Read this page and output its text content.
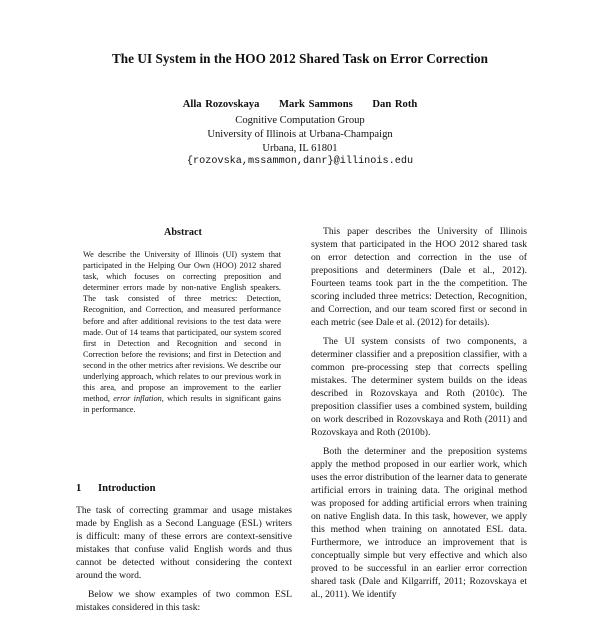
The UI System in the HOO 2012 Shared Task on Error Correction
Alla Rozovskaya Mark Sammons Dan Roth
Cognitive Computation Group
University of Illinois at Urbana-Champaign
Urbana, IL 61801
{rozovska,mssammon,danr}@illinois.edu
Abstract

We describe the University of Illinois (UI) system that participated in the Helping Our Own (HOO) 2012 shared task, which focuses on correcting preposition and determiner errors made by non-native English speakers. The task consisted of three metrics: Detection, Recognition, and Correction, and measured performance before and after additional revisions to the test data were made. Out of 14 teams that participated, our system scored first in Detection and Recognition and second in Correction before the revisions; and first in Detection and second in the other metrics after revisions. We describe our underlying approach, which relates to our previous work in this area, and propose an improvement to the earlier method, error inflation, which results in significant gains in performance.

1 Introduction

The task of correcting grammar and usage mistakes made by English as a Second Language (ESL) writers is difficult: many of these errors are context-sensitive mistakes that confuse valid English words and thus cannot be detected without considering the context around the word.

Below we show examples of two common ESL mistakes considered in this task:

This paper describes the University of Illinois system that participated in the HOO 2012 shared task on error detection and correction in the use of prepositions and determiners (Dale et al., 2012). Fourteen teams took part in the the competition. The scoring included three metrics: Detection, Recognition, and Correction, and our team scored first or second in each metric (see Dale et al. (2012) for details).

The UI system consists of two components, a determiner classifier and a preposition classifier, with a common pre-processing step that corrects spelling mistakes. The determiner system builds on the ideas described in Rozovskaya and Roth (2010c). The preposition classifier uses a combined system, building on work described in Rozovskaya and Roth (2011) and Rozovskaya and Roth (2010b).

Both the determiner and the preposition systems apply the method proposed in our earlier work, which uses the error distribution of the learner data to generate artificial errors in training data. The original method was proposed for adding artificial errors when training on native English data. In this task, however, we apply this method when training on annotated ESL data. Furthermore, we introduce an improvement that is conceptually simple but very effective and which also proved to be successful in an earlier error correction shared task (Dale and Kilgarriff, 2011; Rozovskaya et al., 2011). We identify
